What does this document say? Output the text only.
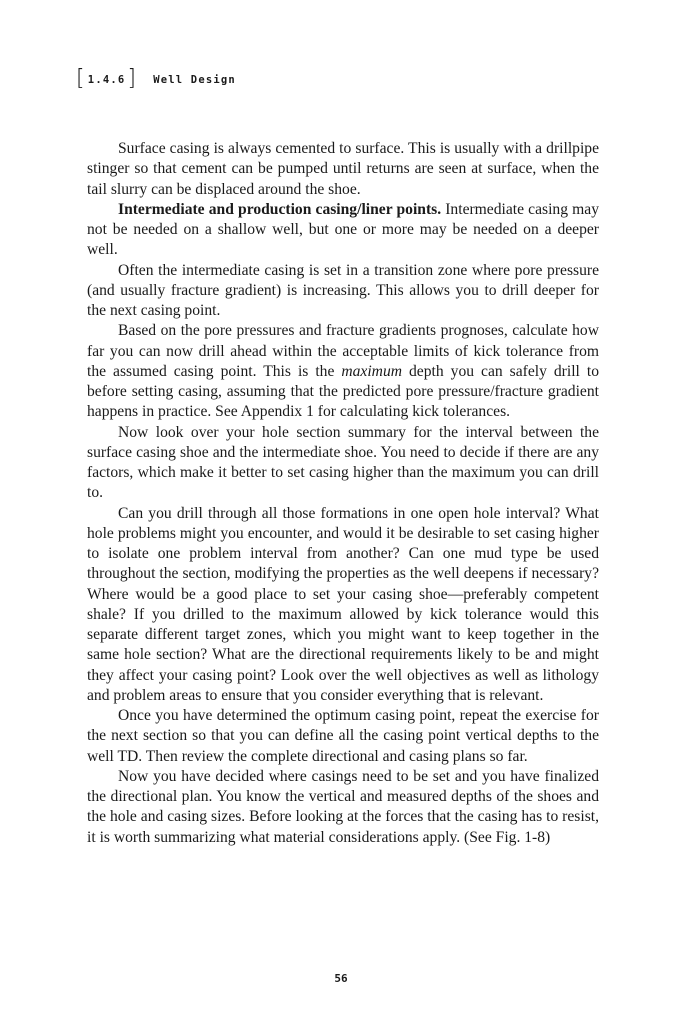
[ 1.4.6 ] Well Design

Surface casing is always cemented to surface. This is usually with a drillpipe stinger so that cement can be pumped until returns are seen at surface, when the tail slurry can be displaced around the shoe.

Intermediate and production casing/liner points. Intermediate casing may not be needed on a shallow well, but one or more may be needed on a deeper well.

Often the intermediate casing is set in a transition zone where pore pressure (and usually fracture gradient) is increasing. This allows you to drill deeper for the next casing point.

Based on the pore pressures and fracture gradients prognoses, calculate how far you can now drill ahead within the acceptable limits of kick tolerance from the assumed casing point. This is the maximum depth you can safely drill to before setting casing, assuming that the predicted pore pressure/fracture gradient happens in practice. See Appendix 1 for calculating kick tolerances.

Now look over your hole section summary for the interval between the surface casing shoe and the intermediate shoe. You need to decide if there are any factors, which make it better to set casing higher than the maximum you can drill to.

Can you drill through all those formations in one open hole interval? What hole problems might you encounter, and would it be desirable to set casing higher to isolate one problem interval from another? Can one mud type be used throughout the section, modifying the properties as the well deepens if necessary? Where would be a good place to set your casing shoe—preferably competent shale? If you drilled to the maximum allowed by kick tolerance would this separate different target zones, which you might want to keep together in the same hole section? What are the directional requirements likely to be and might they affect your casing point? Look over the well objectives as well as lithology and problem areas to ensure that you consider everything that is relevant.

Once you have determined the optimum casing point, repeat the exercise for the next section so that you can define all the casing point vertical depths to the well TD. Then review the complete directional and casing plans so far.

Now you have decided where casings need to be set and you have finalized the directional plan. You know the vertical and measured depths of the shoes and the hole and casing sizes. Before looking at the forces that the casing has to resist, it is worth summarizing what material considerations apply. (See Fig. 1-8)

56
